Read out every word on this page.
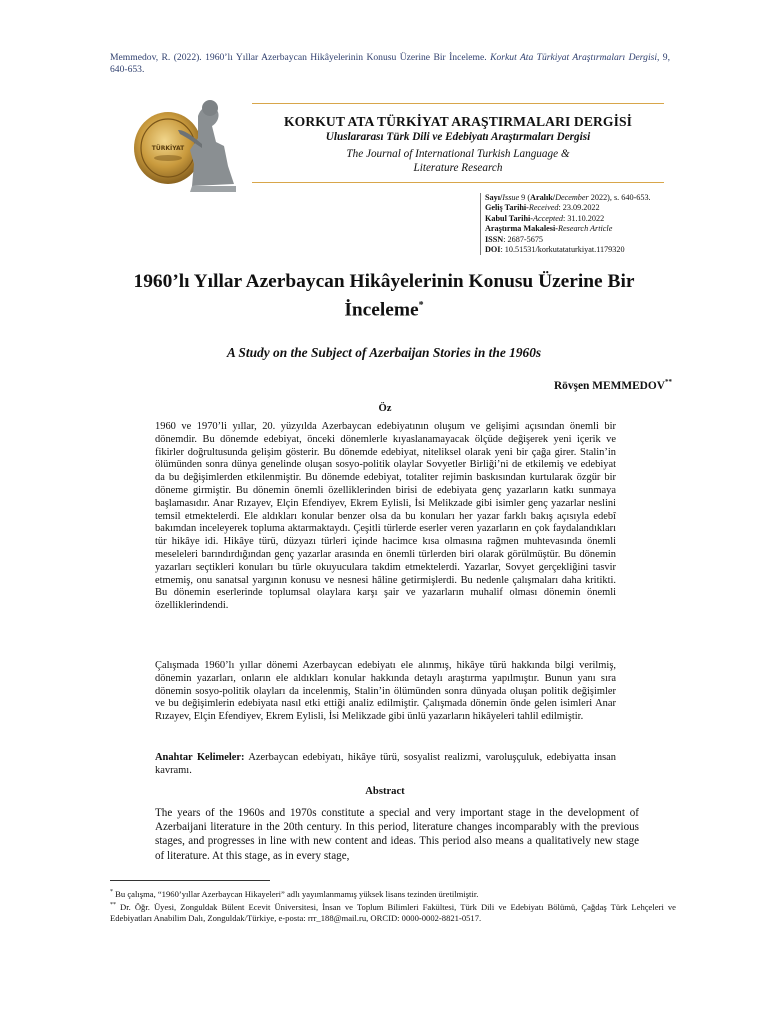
Memmedov, R. (2022). 1960’lı Yıllar Azerbaycan Hikâyelerinin Konusu Üzerine Bir İnceleme. Korkut Ata Türkiyat Araştırmaları Dergisi, 9, 640-653.
TÜRKİYAT
KORKUT ATA TÜRKİYAT ARAŞTIRMALARI DERGİSİ
Uluslararası Türk Dili ve Edebiyatı Araştırmaları Dergisi
The Journal of International Turkish Language &
Literature Research
Sayı/Issue 9 (Aralık/December 2022), s. 640-653.
Geliş Tarihi-Received: 23.09.2022
Kabul Tarihi-Accepted: 31.10.2022
Araştırma Makalesi-Research Article
ISSN: 2687-5675
DOI: 10.51531/korkutataturkiyat.1179320
1960’lı Yıllar Azerbaycan Hikâyelerinin Konusu Üzerine Bir İnceleme*
A Study on the Subject of Azerbaijan Stories in the 1960s
Rövşen MEMMEDOV**
Öz
1960 ve 1970’li yıllar, 20. yüzyılda Azerbaycan edebiyatının oluşum ve gelişimi açısından önemli bir dönemdir. Bu dönemde edebiyat, önceki dönemlerle kıyaslanamayacak ölçüde değişerek yeni içerik ve fikirler doğrultusunda gelişim gösterir. Bu dönemde edebiyat, niteliksel olarak yeni bir çağa girer. Stalin’in ölümünden sonra dünya genelinde oluşan sosyo-politik olaylar Sovyetler Birliği’ni de etkilemiş ve edebiyat da bu değişimlerden etkilenmiştir. Bu dönemde edebiyat, totaliter rejimin baskısından kurtularak özgür bir döneme girmiştir. Bu dönemin önemli özelliklerinden birisi de edebiyata genç yazarların katkı sunmaya başlamasıdır. Anar Rızayev, Elçin Efendiyev, Ekrem Eylisli, İsi Melikzade gibi isimler genç yazarlar neslini temsil etmektelerdi. Ele aldıkları konular benzer olsa da bu konuları her yazar farklı bakış açısıyla edebî bakımdan inceleyerek topluma aktarmaktaydı. Çeşitli türlerde eserler veren yazarların en çok faydalandıkları tür hikâye idi. Hikâye türü, düzyazı türleri içinde hacimce kısa olmasına rağmen muhtevasında önemli meseleleri barındırdığından genç yazarlar arasında en önemli türlerden biri olarak görülmüştür. Bu dönemin yazarları seçtikleri konuları bu türle okuyuculara takdim etmektelerdi. Yazarlar, Sovyet gerçekliğini tasvir etmemiş, onu sanatsal yargının konusu ve nesnesi hâline getirmişlerdi. Bu nedenle çalışmaları daha kritikti. Bu dönemin eserlerinde toplumsal olaylara karşı şair ve yazarların muhalif olması dönemin önemli özelliklerindendi.
Çalışmada 1960’lı yıllar dönemi Azerbaycan edebiyatı ele alınmış, hikâye türü hakkında bilgi verilmiş, dönemin yazarları, onların ele aldıkları konular hakkında detaylı araştırma yapılmıştır. Bunun yanı sıra dönemin sosyo-politik olayları da incelenmiş, Stalin’in ölümünden sonra dünyada oluşan politik değişimler ve bu değişimlerin edebiyata nasıl etki ettiği analiz edilmiştir. Çalışmada dönemin önde gelen isimleri Anar Rızayev, Elçin Efendiyev, Ekrem Eylisli, İsi Melikzade gibi ünlü yazarların hikâyeleri tahlil edilmiştir.
Anahtar Kelimeler: Azerbaycan edebiyatı, hikâye türü, sosyalist realizmi, varoluşçuluk, edebiyatta insan kavramı.
Abstract
The years of the 1960s and 1970s constitute a special and very important stage in the development of Azerbaijani literature in the 20th century. In this period, literature changes incomparably with the previous stages, and progresses in line with new content and ideas. This period also means a qualitatively new stage of literature. At this stage, as in every stage,
* Bu çalışma, “1960’yıllar Azerbaycan Hikayeleri” adlı yayımlanmamış yüksek lisans tezinden üretilmiştir.
** Dr. Öğr. Üyesi, Zonguldak Bülent Ecevit Üniversitesi, İnsan ve Toplum Bilimleri Fakültesi, Türk Dili ve Edebiyatı Bölümü, Çağdaş Türk Lehçeleri ve Edebiyatları Anabilim Dalı, Zonguldak/Türkiye, e-posta: rrr_188@mail.ru, ORCID: 0000-0002-8821-0517.
